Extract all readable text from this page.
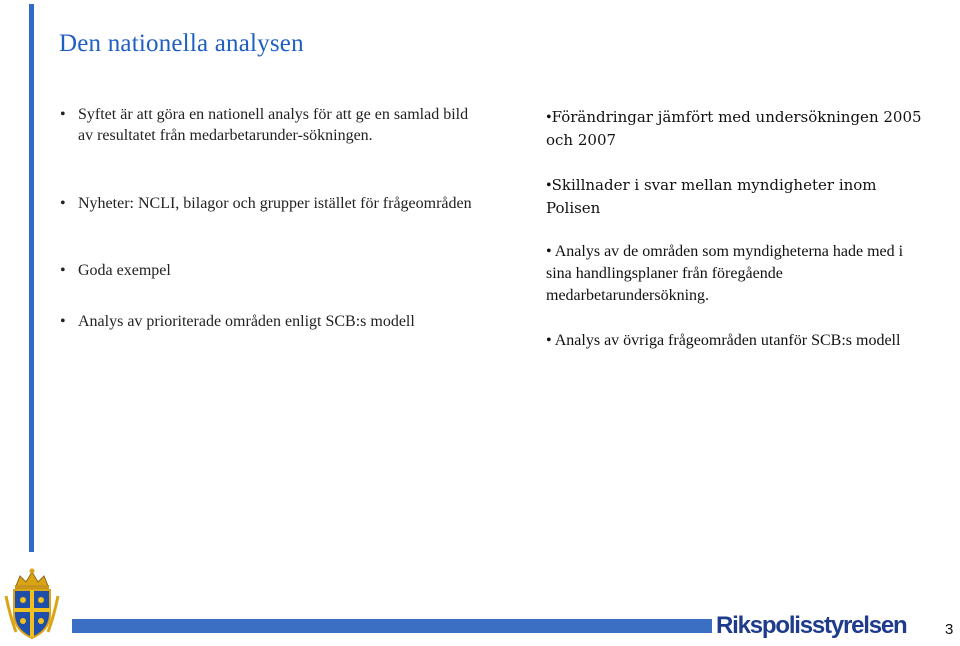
Den nationella analysen
• Syftet är att göra en nationell analys för att ge en samlad bild av resultatet från medarbetarunder-sökningen.
• Nyheter: NCLI, bilagor och grupper istället för frågeområden
• Goda exempel
• Analys av prioriterade områden enligt SCB:s modell
•Förändringar jämfört med undersökningen 2005 och 2007
•Skillnader i svar mellan myndigheter inom Polisen
• Analys av de områden som myndigheterna hade med i sina handlingsplaner från föregående medarbetarundersökning.
• Analys av övriga frågeområden utanför SCB:s modell
Rikspolisstyrelsen	3
